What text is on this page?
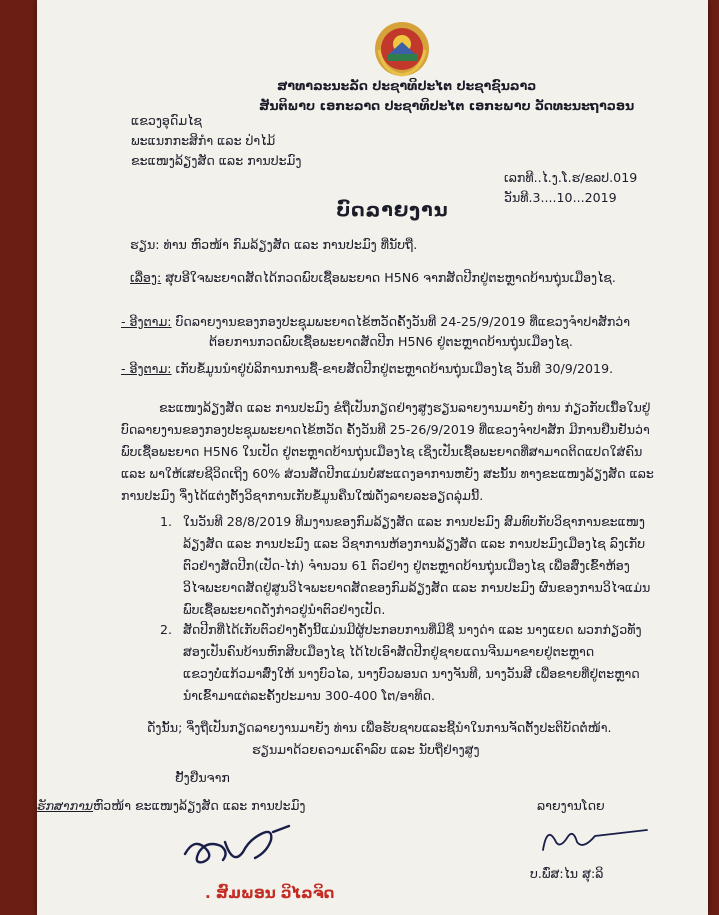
ສາທາລະນະລັດ ປະຊາທິປະໄຕ ປະຊາຊົນລາວ
ສັນຕິພາບ ເອກະລາດ ປະຊາທິປະໄຕ ເອກະພາບ ວັດທະນະຖາວອນ
ແຂວງອຸດົມໄຊ
ພະແນກກະສິກຳ ແລະ ປ່າໄມ້
ຂະແໜງລ້ຽງສັດ ແລະ ການປະມົງ
ເລກທີ..ໄ.ງ.ໂ.ຮ/ຂລປ.019
ວັນທີ.3....10...2019
ບົດລາຍງານ
ຮຽນ: ທ່ານ ຫົວໜ້າ ກົມລ້ຽງສັດ ແລະ ການປະມົງ ທີ່ນັບຖື.
ເລື່ອງ: ສຸບອີໃຈພະຍາດສັດໄດ້ກວດພົບເຊື້ອພະຍາດ H5N6 ຈາກສັດປີກຢູ່ຕະຫຼາດບ້ານຖຸ່ນເມືອງໄຊ.
- ອີງຕາມ: ບົດລາຍງານຂອງກອງປະຊຸມພະຍາດໄຂ້ຫວັດຄັ້ງວັນທີ 24-25/9/2019 ທີ່ແຂວງຈຳປາສັກວ່າ
ຕ້ອຍການກວດພົບເຊື້ອພະຍາດສັດປີກ H5N6 ຢູ່ຕະຫຼາດບ້ານຖຸ່ນເມືອງໄຊ.
- ອີງຕາມ: ເກັບຂໍ້ມູນນຳຢູ່ບໍລິການການຊື້-ຂາຍສັດປີກຢູ່ຕະຫຼາດບ້ານຖຸ່ນເມືອງໄຊ ວັນທີ 30/9/2019.
ຂະແໜງລ້ຽງສັດ ແລະ ການປະມົງ ຂໍຖືເປັນກຽດຢ່າງສູງຮຽນລາຍງານມາຍັງ ທ່ານ ກ່ຽວກັບເນື້ອໃນຢູ່
ບົດລາຍງານຂອງກອງປະຊຸມພະຍາດໄຂ້ຫວັດ ຄັ້ງວັນທີ 25-26/9/2019 ທີ່ແຂວງຈຳປາສັກ ມີການຢືນຢັນວ່າ
ພົບເຊື້ອພະຍາດ H5N6 ໃນເປັດ ຢູ່ຕະຫຼາດບ້ານຖຸ່ນເມືອງໄຊ ເຊິ່ງເປັນເຊື້ອພະຍາດທີ່ສາມາດຕິດແປດໃສ່ຄົນ
ແລະ ພາໃຫ້ເສຍຊີວິດເຖິງ 60% ສ່ວນສັດປີກແມ່ນບໍ່ສະແດງອາການຫຍັງ ສະນັ້ນ ທາງຂະແໜງລ້ຽງສັດ ແລະ
ການປະມົງ ຈຶ່ງໄດ້ແຕ່ງຕັ້ງວິຊາການເກັບຂໍ້ມູນຄືນໃໝ່ດັ່ງລາຍລະອຽດລຸ່ມນີ້.
1. ໃນວັນທີ 28/8/2019 ທີມງານຂອງກົມລ້ຽງສັດ ແລະ ການປະມົງ ສົມທົບກັບວິຊາການຂະແໜງ
ລ້ຽງສັດ ແລະ ການປະມົງ ແລະ ວິຊາການຫ້ອງການລ້ຽງສັດ ແລະ ການປະມົງເມືອງໄຊ ລົງເກັບ
ຕົວຢ່າງສັດປີກ(ເປັດ-ໄກ່) ຈຳນວນ 61 ຕົວຢ່າງ ຢູ່ຕະຫຼາດບ້ານຖຸ່ນເມືອງໄຊ ເພື່ອສົ່ງເຂົ້າຫ້ອງ
ວິໄຈພະຍາດສັດຢູ່ສູນວິໄຈພະຍາດສັດຂອງກົມລ້ຽງສັດ ແລະ ການປະມົງ ຜົນຂອງການວິໄຈແມ່ນ
ພົບເຊື້ອພະຍາດດັ່ງກ່າວຢູ່ນຳຕົວຢ່າງເປັດ.
2. ສັດປີກທີ່ໄດ້ເກັບຕົວຢ່າງຄັ້ງນີ້ແມ່ນມີຜູ້ປະກອບການທີ່ມີຊື່ ນາງດ່າ ແລະ ນາງແຍດ ພວກກ່ຽວທັງ
ສອງເປັນຄົນບ້ານຫົກສິບເມືອງໄຊ ໄດ້ໄປເອົາສັດປີກຢູ່ຊາຍແດນຈີນມາຂາຍຢູ່ຕະຫຼາດ
ແຂວງບໍ່ແກ້ວມາສົ່ງໃຫ້ ນາງບົວໄລ, ນາງບົວພອນດ ນາງຈັນທີ, ນາງວັນສີ ເພື່ອຂາຍທີ່ຢູ່ຕະຫຼາດ
ນຳເຂົ້າມາແຕ່ລະຄັ້ງປະມານ 300-400 ໂຕ/ອາທິດ.
ດັ່ງນັ້ນ; ຈຶ່ງຖືເປັນກຽດລາຍງານມາຍັງ ທ່ານ ເພື່ອຮັບຊາບແລະຊີ້ນຳໃນການຈັດຕັ້ງປະຕິບັດຕໍ່ໜ້າ.
ຮຽນມາດ້ວຍຄວາມເຄົາລົບ ແລະ ນັບຖືຢ່າງສູງ
ຢັ້ງຢືນຈາກ
ຮັກສາການຫົວໜ້າ ຂະແໜງລ້ຽງສັດ ແລະ ການປະມົງ	ລາຍງານໂດຍ
ບ.ພົ່ສ:ໄນ ສຸ:ລິ
. ສົມພອນ ວິໄລຈິດ
